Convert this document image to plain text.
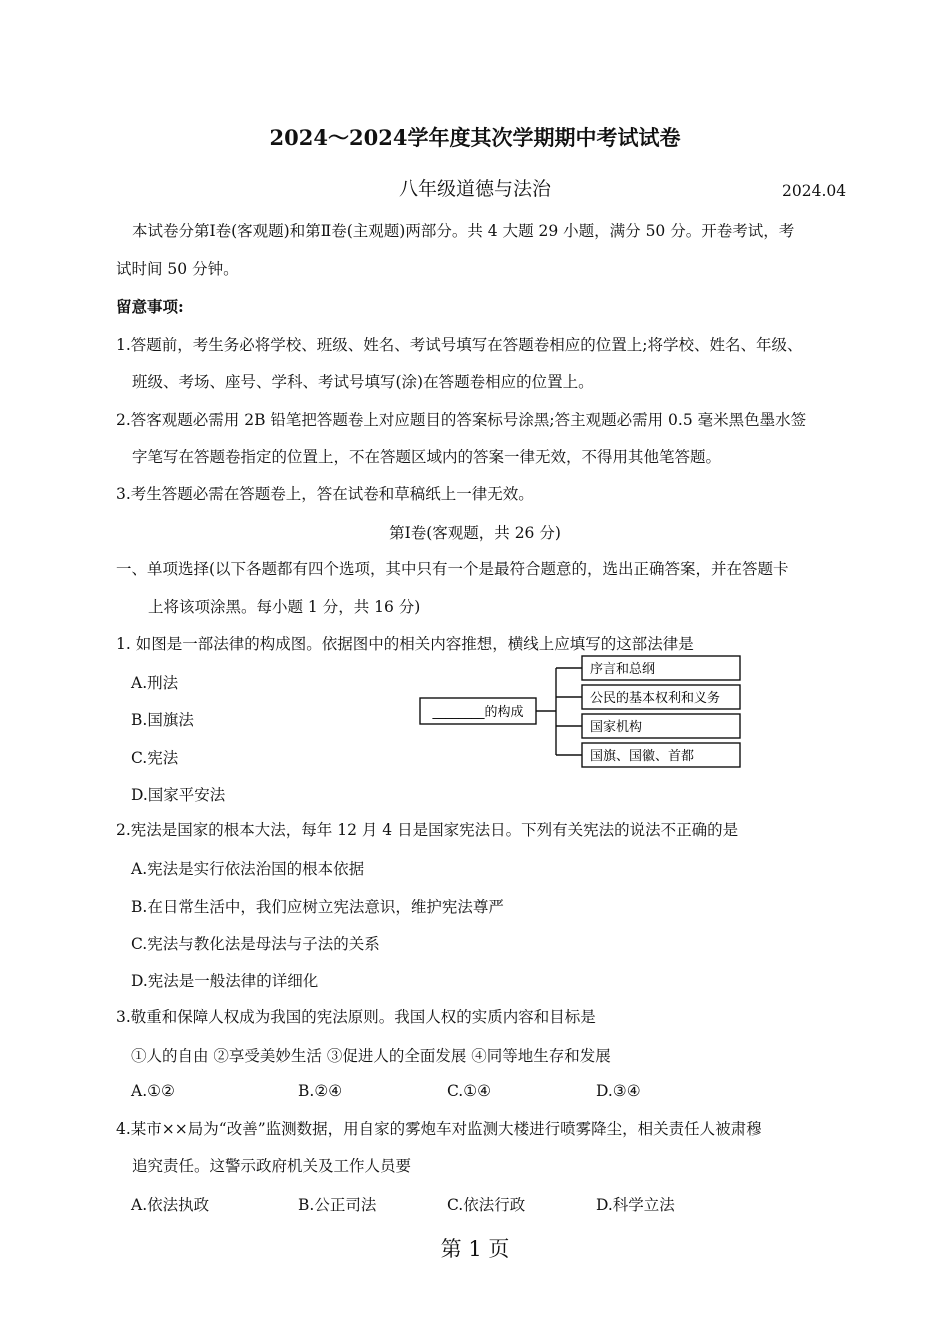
2024～2024学年度其次学期期中考试试卷
八年级道德与法治	2024.04
本试卷分第Ⅰ卷(客观题)和第Ⅱ卷(主观题)两部分。共 4 大题 29 小题，满分 50 分。开卷考试，考
试时间 50 分钟。
留意事项:
1.答题前，考生务必将学校、班级、姓名、考试号填写在答题卷相应的位置上;将学校、姓名、年级、
班级、考场、座号、学科、考试号填写(涂)在答题卷相应的位置上。
2.答客观题必需用 2B 铅笔把答题卷上对应题目的答案标号涂黑;答主观题必需用 0.5 毫米黑色墨水签
字笔写在答题卷指定的位置上，不在答题区域内的答案一律无效，不得用其他笔答题。
3.考生答题必需在答题卷上，答在试卷和草稿纸上一律无效。
第Ⅰ卷(客观题，共 26 分)
一、单项选择(以下各题都有四个选项，其中只有一个是最符合题意的，选出正确答案，并在答题卡
上将该项涂黑。每小题 1 分，共 16 分)
1. 如图是一部法律的构成图。依据图中的相关内容推想，横线上应填写的这部法律是
A.刑法
B.国旗法
C.宪法
D.国家平安法
________的构成
序言和总纲
公民的基本权利和义务
国家机构
国旗、国徽、首都
2.宪法是国家的根本大法，每年 12 月 4 日是国家宪法日。下列有关宪法的说法不正确的是
A.宪法是实行依法治国的根本依据
B.在日常生活中，我们应树立宪法意识，维护宪法尊严
C.宪法与教化法是母法与子法的关系
D.宪法是一般法律的详细化
3.敬重和保障人权成为我国的宪法原则。我国人权的实质内容和目标是
①人的自由 ②享受美妙生活 ③促进人的全面发展 ④同等地生存和发展
A.①②	B.②④	C.①④	D.③④
4.某市××局为“改善”监测数据，用自家的雾炮车对监测大楼进行喷雾降尘，相关责任人被肃穆
追究责任。这警示政府机关及工作人员要
A.依法执政	B.公正司法	C.依法行政	D.科学立法
第 1 页
